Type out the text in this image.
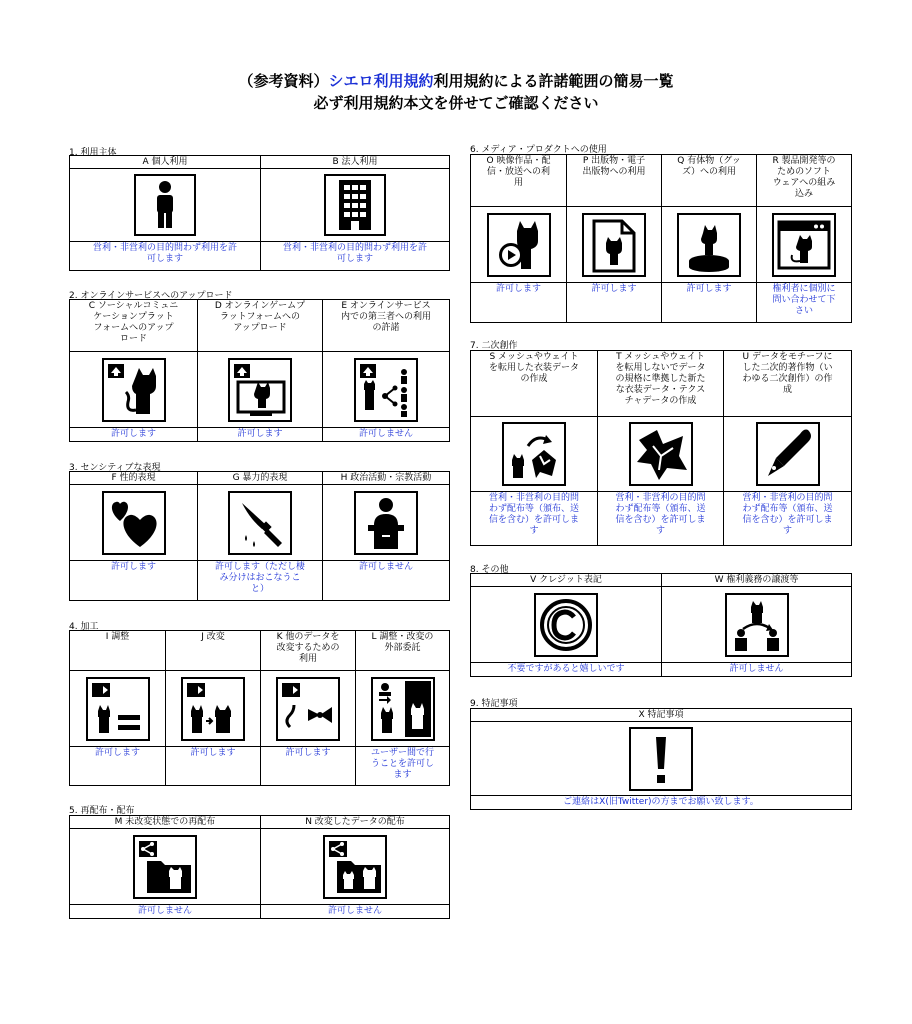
（参考資料）シエロ利用規約利用規約による許諾範囲の簡易一覧
必ず利用規約本文を併せてご確認ください
1. 利用主体
A 個人利用
営利・非営利の目的問わず利用を許
可します
B 法人利用
営利・非営利の目的問わず利用を許
可します
2. オンラインサービスへのアップロード
C ソーシャルコミュニ
ケーションプラット
フォームへのアップ
ロード
許可します
D オンラインゲームプ
ラットフォームへの
アップロード
許可します
E オンラインサービス
内での第三者への利用
の許諾
許可しません
3. センシティブな表現
F 性的表現
許可します
G 暴力的表現
許可します（ただし棲
み分けはおこなうこ
と）
H 政治活動・宗教活動
許可しません
4. 加工
I 調整
許可します
J 改変
許可します
K 他のデータを
改変するための
利用
許可します
L 調整・改変の
外部委託
ユーザー間で行
うことを許可し
ます
5. 再配布・配布
M 未改変状態での再配布
許可しません
N 改変したデータの配布
許可しません
6. メディア・プロダクトへの使用
O 映像作品・配
信・放送への利
用
許可します
P 出版物・電子
出版物への利用
許可します
Q 有体物（グッ
ズ）への利用
許可します
R 製品開発等の
ためのソフト
ウェアへの組み
込み
権利者に個別に
問い合わせて下
さい
7. 二次創作
S メッシュやウェイト
を転用した衣装データ
の作成
営利・非営利の目的問
わず配布等（頒布、送
信を含む）を許可しま
す
T メッシュやウェイト
を転用しないでデータ
の規格に準拠した新た
な衣装データ・テクス
チャデータの作成
営利・非営利の目的問
わず配布等（頒布、送
信を含む）を許可しま
す
U データをモチーフに
した二次的著作物（い
わゆる二次創作）の作
成
営利・非営利の目的問
わず配布等（頒布、送
信を含む）を許可しま
す
8. その他
V クレジット表記
不要ですがあると嬉しいです
W 権利義務の譲渡等
許可しません
9. 特記事項
X 特記事項
ご連絡はX(旧Twitter)の方までお願い致します。
